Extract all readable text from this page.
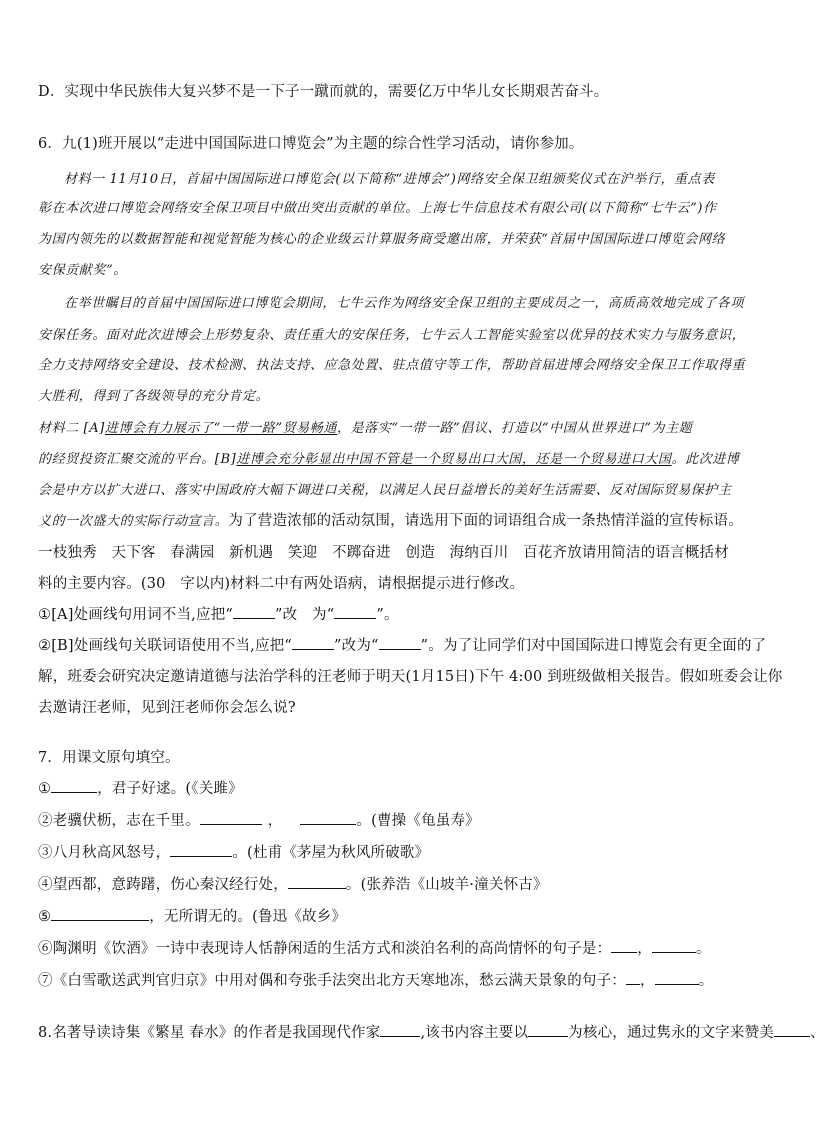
D．实现中华民族伟大复兴梦不是一下子一蹴而就的，需要亿万中华儿女长期艰苦奋斗。
6．九(1)班开展以“走进中国国际进口博览会”为主题的综合性学习活动，请你参加。
材料一 11月10日，首届中国国际进口博览会(以下简称“进博会”)网络安全保卫组颁奖仪式在沪举行，重点表
彰在本次进口博览会网络安全保卫项目中做出突出贡献的单位。上海七牛信息技术有限公司(以下简称“七牛云”)作
为国内领先的以数据智能和视觉智能为核心的企业级云计算服务商受邀出席，并荣获“首届中国国际进口博览会网络
安保贡献奖”。
在举世瞩目的首届中国国际进口博览会期间，七牛云作为网络安全保卫组的主要成员之一，高质高效地完成了各项
安保任务。面对此次进博会上形势复杂、责任重大的安保任务，七牛云人工智能实验室以优异的技术实力与服务意识，
全力支持网络安全建设、技术检测、执法支持、应急处置、驻点值守等工作，帮助首届进博会网络安全保卫工作取得重
大胜利，得到了各级领导的充分肯定。
材料二 [A]进博会有力展示了“一带一路”贸易畅通，是落实“一带一路”倡议、打造以“中国从世界进口”为主题
的经贸投资汇聚交流的平台。[B]进博会充分彰显出中国不管是一个贸易出口大国，还是一个贸易进口大国。此次进博
会是中方以扩大进口、落实中国政府大幅下调进口关税，以满足人民日益增长的美好生活需要、反对国际贸易保护主
义的一次盛大的实际行动宣言。为了营造浓郁的活动氛围，请选用下面的词语组合成一条热情洋溢的宣传标语。
一枝独秀　天下客　春满园　新机遇　笑迎　不踯奋进　创造　海纳百川　百花齐放请用简洁的语言概括材
料的主要内容。(30　字以内)材料二中有两处语病，请根据提示进行修改。
①[A]处画线句用词不当,应把“	”改　为“	”。
②[B]处画线句关联词语使用不当,应把“	”改为“	”。为了让同学们对中国国际进口博览会有更全面的了
解，班委会研究决定邀请道德与法治学科的汪老师于明天(1月15日)下午 4:00 到班级做相关报告。假如班委会让你
去邀请汪老师，见到汪老师你会怎么说?
7．用课文原句填空。
①	，君子好逑。(《关雎》
②老骥伏枥，志在千里。	，	。(曹操《龟虽寿》
③八月秋高风怒号，	。(杜甫《茅屋为秋风所破歌》
④望西都，意踌躇，伤心秦汉经行处，	。(张养浩《山坡羊·潼关怀古》
⑤	，无所谓无的。(鲁迅《故乡》
⑥陶渊明《饮酒》一诗中表现诗人恬静闲适的生活方式和淡泊名利的高尚情怀的句子是： ，	。
⑦《白雪歌送武判官归京》中用对偶和夸张手法突出北方天寒地冻，愁云满天景象的句子： ，	。
8.名著导读诗集《繁星 春水》的作者是我国现代作家	,该书内容主要以	为核心，通过隽永的文字来赞美 、
